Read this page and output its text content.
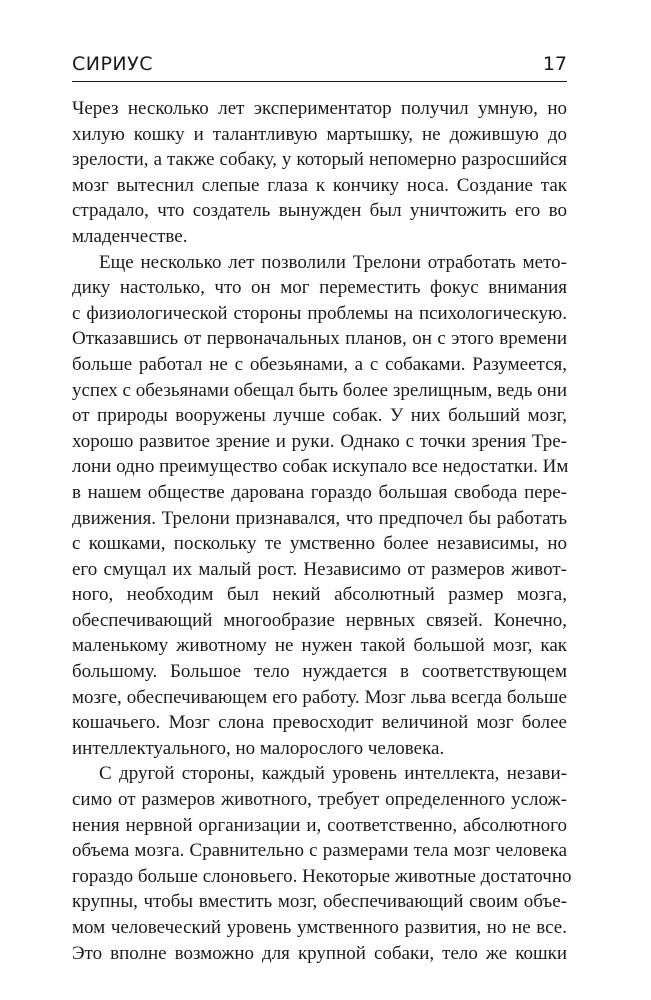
СИРИУС	17
Через несколько лет экспериментатор получил умную, но
хилую кошку и талантливую мартышку, не дожившую до
зрелости, а также собаку, у который непомерно разросшийся
мозг вытеснил слепые глаза к кончику носа. Создание так
страдало, что создатель вынужден был уничтожить его во
младенчестве.
Еще несколько лет позволили Трелони отработать мето-
дику настолько, что он мог переместить фокус внимания
с физиологической стороны проблемы на психологическую.
Отказавшись от первоначальных планов, он с этого времени
больше работал не с обезьянами, а с собаками. Разумеется,
успех с обезьянами обещал быть более зрелищным, ведь они
от природы вооружены лучше собак. У них больший мозг,
хорошо развитое зрение и руки. Однако с точки зрения Тре-
лони одно преимущество собак искупало все недостатки. Им
в нашем обществе дарована гораздо большая свобода пере-
движения. Трелони признавался, что предпочел бы работать
с кошками, поскольку те умственно более независимы, но
его смущал их малый рост. Независимо от размеров живот-
ного, необходим был некий абсолютный размер мозга,
обеспечивающий многообразие нервных связей. Конечно,
маленькому животному не нужен такой большой мозг, как
большому. Большое тело нуждается в соответствующем
мозге, обеспечивающем его работу. Мозг льва всегда больше
кошачьего. Мозг слона превосходит величиной мозг более
интеллектуального, но малорослого человека.
С другой стороны, каждый уровень интеллекта, незави-
симо от размеров животного, требует определенного услож-
нения нервной организации и, соответственно, абсолютного
объема мозга. Сравнительно с размерами тела мозг человека
гораздо больше слоновьего. Некоторые животные достаточно
крупны, чтобы вместить мозг, обеспечивающий своим объе-
мом человеческий уровень умственного развития, но не все.
Это вполне возможно для крупной собаки, тело же кошки
